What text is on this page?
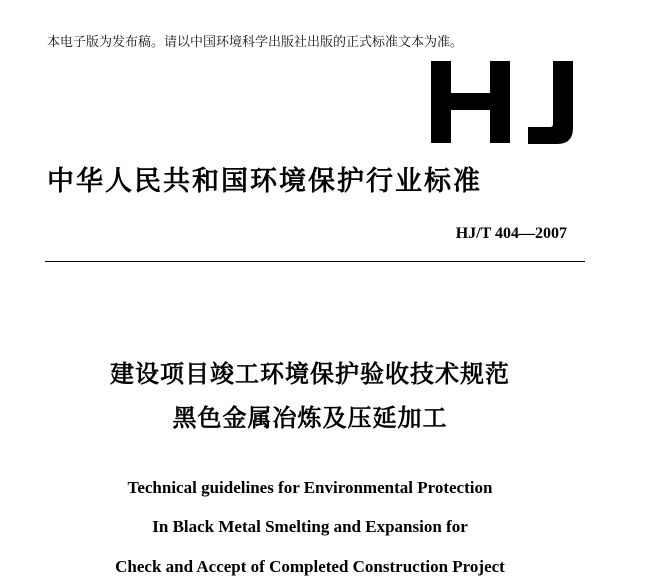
本电子版为发布稿。请以中国环境科学出版社出版的正式标准文本为准。
中华人民共和国环境保护行业标准
HJ/T 404—2007
建设项目竣工环境保护验收技术规范
黑色金属冶炼及压延加工
Technical guidelines for Environmental Protection
In Black Metal Smelting and Expansion for
Check and Accept of Completed Construction Project
